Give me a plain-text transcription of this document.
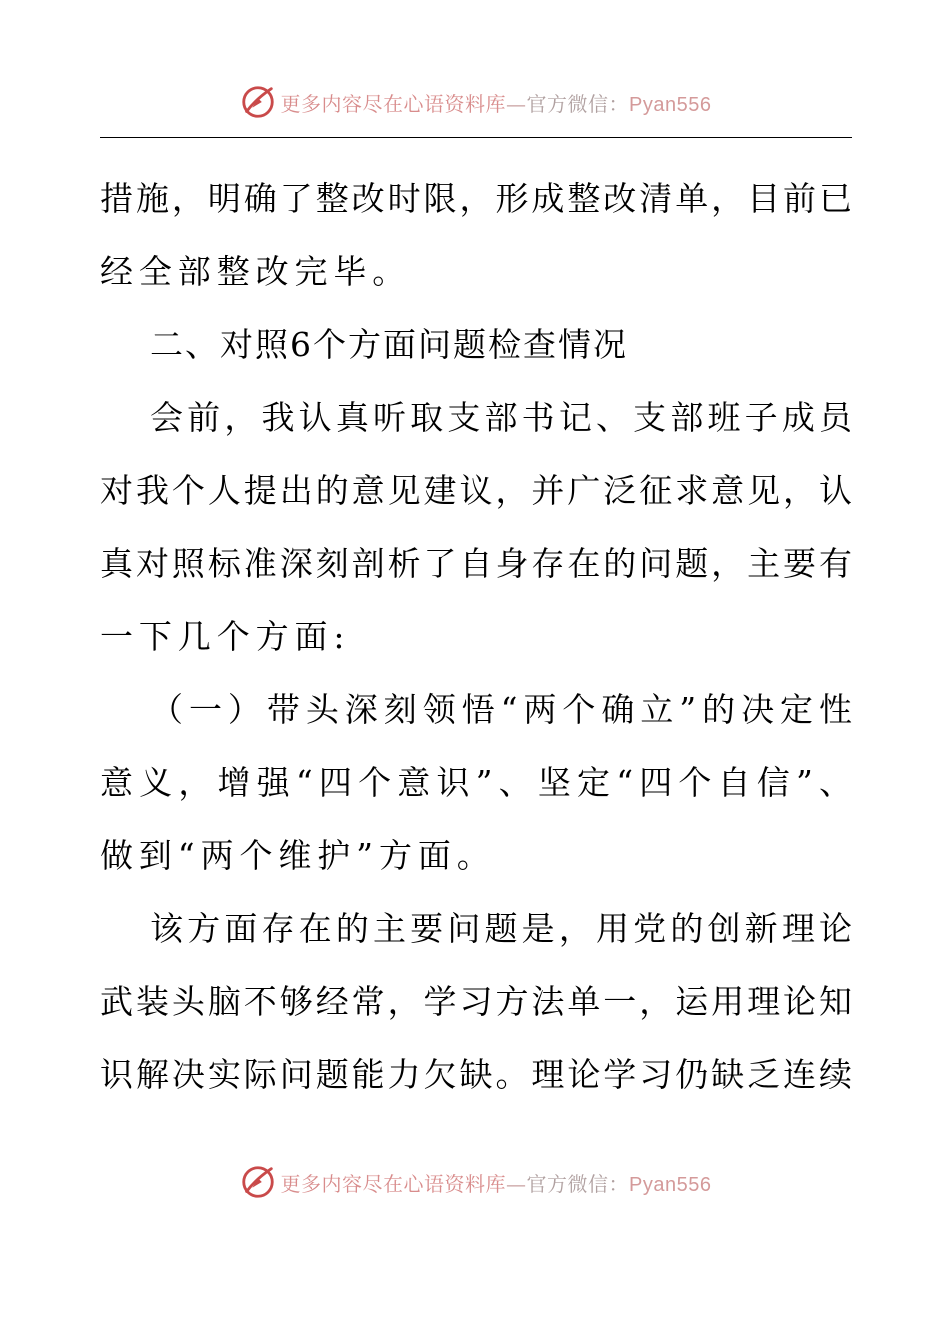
更多内容尽在心语资料库—官方微信：Pyan556
措施，明确了整改时限，形成整改清单，目前已
经全部整改完毕。
二、对照6个方面问题检查情况
会前，我认真听取支部书记、支部班子成员
对我个人提出的意见建议，并广泛征求意见，认
真对照标准深刻剖析了自身存在的问题，主要有
一下几个方面:
（一）带头深刻领悟“两个确立”的决定性
意义，增强“四个意识”、坚定“四个自信”、
做到“两个维护”方面。
该方面存在的主要问题是，用党的创新理论
武装头脑不够经常，学习方法单一，运用理论知
识解决实际问题能力欠缺。理论学习仍缺乏连续
更多内容尽在心语资料库—官方微信：Pyan556
